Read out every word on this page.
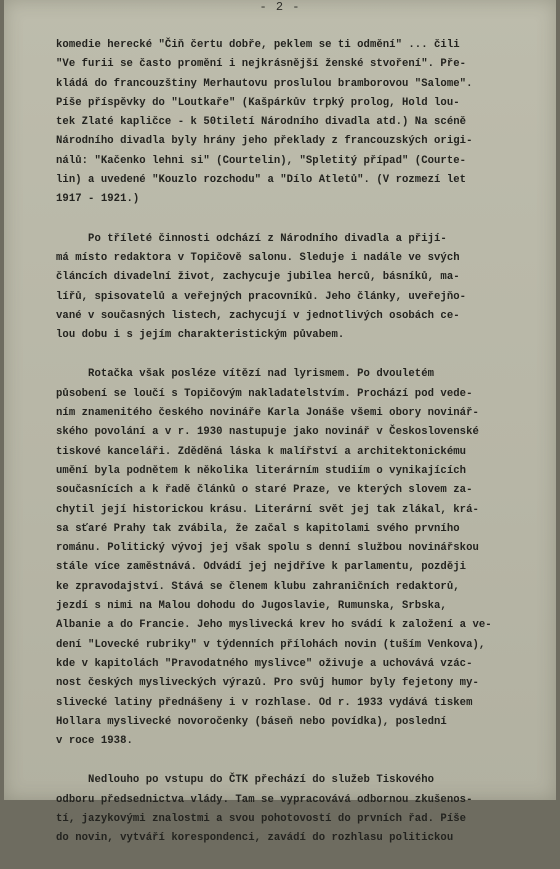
- 2 -
komedie herecké "Čiň čertu dobře, peklem se ti odmění" ... čili
"Ve furii se často promění i nejkrásnější ženské stvoření". Pře-
kládá do francouzštiny Merhautovu proslulou bramborovou "Salome".
Píše příspěvky do "Loutkaře" (Kašpárkův trpký prolog, Hold lou-
tek Zlaté kapličce - k 50tiletí Národního divadla atd.) Na scéně
Národního divadla byly hrány jeho překlady z francouzských origi-
nálů: "Kačenko lehni si" (Courtelin), "Spletitý případ" (Courte-
lin) a uvedené "Kouzlo rozchodu" a "Dílo Atletů". (V rozmezí let
1917 - 1921.)
Po tříleté činnosti odchází z Národního divadla a přijí-
má místo redaktora v Topičově salonu. Sleduje i nadále ve svých
článcích divadelní život, zachycuje jubilea herců, básníků, ma-
lířů, spisovatelů a veřejných pracovníků. Jeho články, uveřejňo-
vané v současných listech, zachycují v jednotlivých osobách ce-
lou dobu i s jejím charakteristickým půvabem.
Rotačka však posléze vítězí nad lyrismem. Po dvouletém
působení se loučí s Topičovým nakladatelstvím. Prochází pod vede-
ním znamenitého českého novináře Karla Jonáše všemi obory novinář-
ského povolání a v r. 1930 nastupuje jako novinář v Československé
tiskové kanceláři. Zděděná láska k malířství a architektonickému
umění byla podnětem k několika literárním studiím o vynikajících
současnících a k řadě článků o staré Praze, ve kterých slovem za-
chytil její historickou krásu. Literární svět jej tak zlákal, krá-
sa sťaré Prahy tak zvábila, že začal s kapitolami svého prvního
románu. Politický vývoj jej však spolu s denní službou novinářskou
stále více zaměstnává. Odvádí jej nejdříve k parlamentu, později
ke zpravodajství. Stává se členem klubu zahraničních redaktorů,
jezdí s nimi na Malou dohodu do Jugoslavie, Rumunska, Srbska,
Albanie a do Francie. Jeho myslivecká krev ho svádí k založení a ve-
dení "Lovecké rubriky" v týdenních přílohách novin (tuším Venkova),
kde v kapitolách "Pravodatného myslivce" oživuje a uchovává vzác-
nost českých mysliveckých výrazů. Pro svůj humor byly fejetony my-
slivecké latiny přednášeny i v rozhlase. Od r. 1933 vydává tiskem
Hollara myslivecké novoročenky (báseň nebo povídka), poslední
v roce 1938.
Nedlouho po vstupu do ČTK přechází do služeb Tiskového
odboru předsednictva vlády. Tam se vypracovává odbornou zkušenos-
tí, jazykovými znalostmi a svou pohotovostí do prvních řad. Píše
do novin, vytváří korespondenci, zavádí do rozhlasu politickou
